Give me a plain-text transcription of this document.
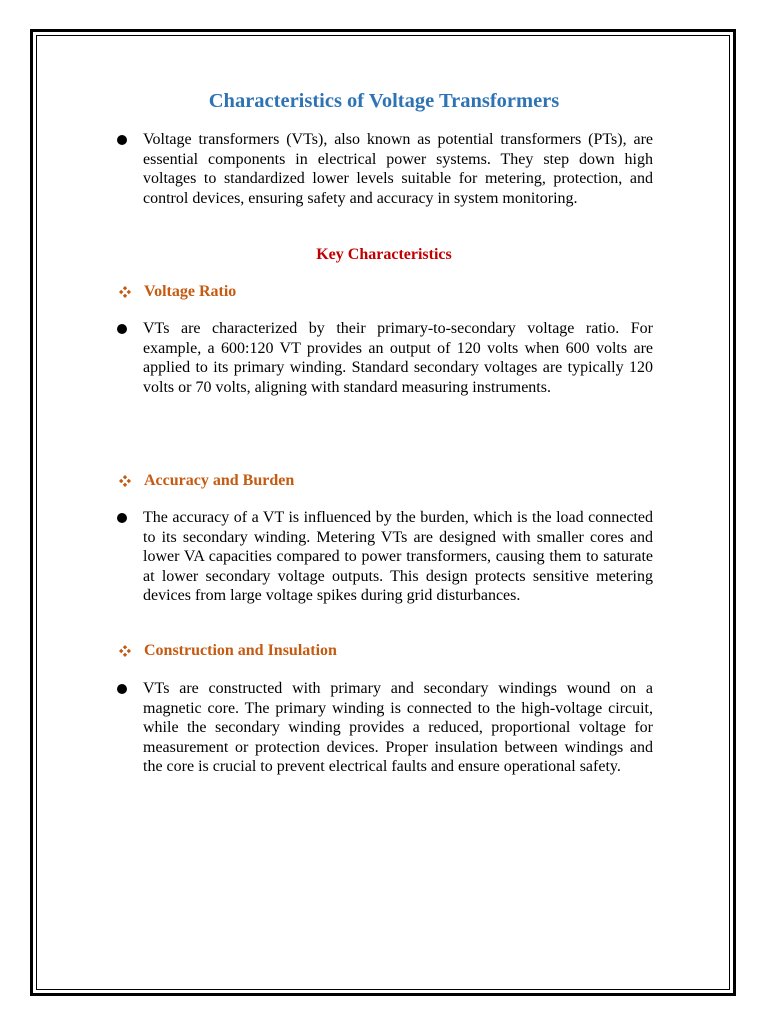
Characteristics of Voltage Transformers

Voltage transformers (VTs), also known as potential transformers (PTs), are essential components in electrical power systems. They step down high voltages to standardized lower levels suitable for metering, protection, and control devices, ensuring safety and accuracy in system monitoring.

Key Characteristics
Voltage Ratio

VTs are characterized by their primary-to-secondary voltage ratio. For example, a 600:120 VT provides an output of 120 volts when 600 volts are applied to its primary winding. Standard secondary voltages are typically 120 volts or 70 volts, aligning with standard measuring instruments.

Accuracy and Burden

The accuracy of a VT is influenced by the burden, which is the load connected to its secondary winding. Metering VTs are designed with smaller cores and lower VA capacities compared to power transformers, causing them to saturate at lower secondary voltage outputs. This design protects sensitive metering devices from large voltage spikes during grid disturbances.

Construction and Insulation

VTs are constructed with primary and secondary windings wound on a magnetic core. The primary winding is connected to the high-voltage circuit, while the secondary winding provides a reduced, proportional voltage for measurement or protection devices. Proper insulation between windings and the core is crucial to prevent electrical faults and ensure operational safety.
